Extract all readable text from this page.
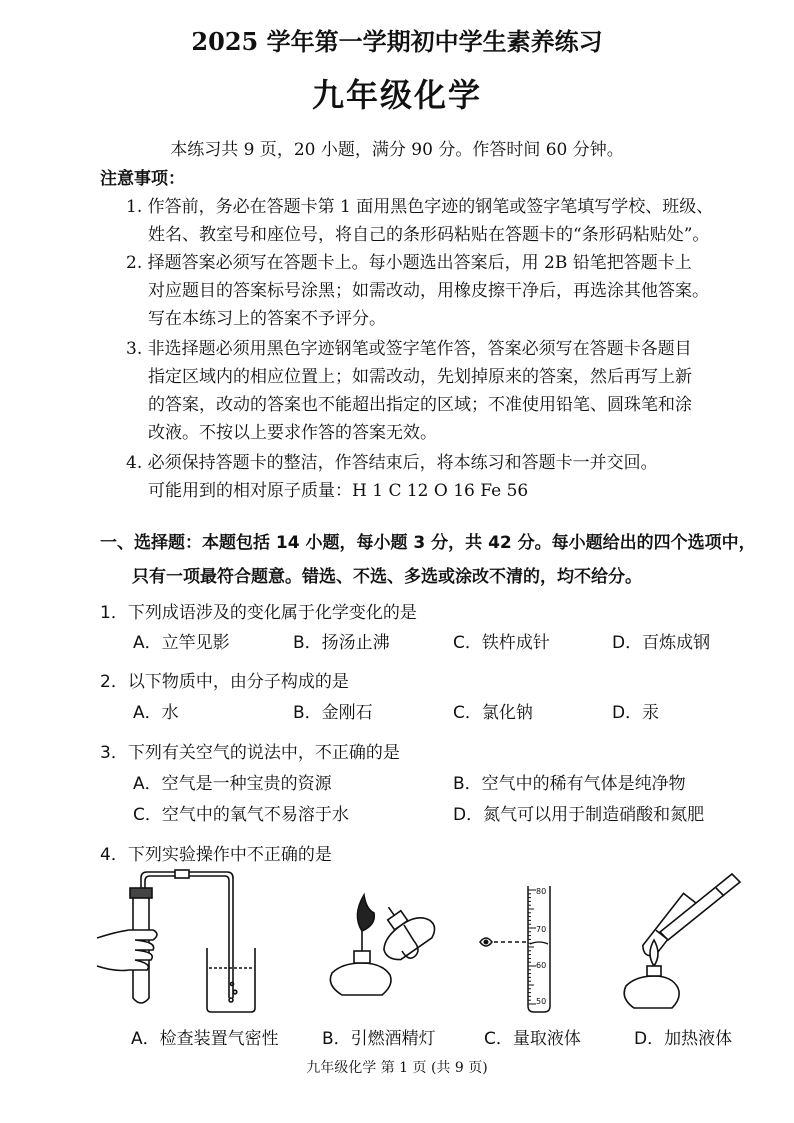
2025 学年第一学期初中学生素养练习
九年级化学
本练习共 9 页，20 小题，满分 90 分。作答时间 60 分钟。
注意事项：
1. 作答前，务必在答题卡第 1 面用黑色字迹的钢笔或签字笔填写学校、班级、
姓名、教室号和座位号，将自己的条形码粘贴在答题卡的“条形码粘贴处”。
2. 择题答案必须写在答题卡上。每小题选出答案后，用 2B 铅笔把答题卡上
对应题目的答案标号涂黑；如需改动，用橡皮擦干净后，再选涂其他答案。
写在本练习上的答案不予评分。
3. 非选择题必须用黑色字迹钢笔或签字笔作答，答案必须写在答题卡各题目
指定区域内的相应位置上；如需改动，先划掉原来的答案，然后再写上新
的答案，改动的答案也不能超出指定的区域；不准使用铅笔、圆珠笔和涂
改液。不按以上要求作答的答案无效。
4. 必须保持答题卡的整洁，作答结束后，将本练习和答题卡一并交回。
可能用到的相对原子质量：H 1 C 12 O 16 Fe 56
一、选择题：本题包括 14 小题，每小题 3 分，共 42 分。每小题给出的四个选项中，
只有一项最符合题意。错选、不选、多选或涂改不清的，均不给分。
1．下列成语涉及的变化属于化学变化的是
A．立竿见影	B．扬汤止沸	C．铁杵成针	D．百炼成钢
2．以下物质中，由分子构成的是
A．水	B．金刚石	C．氯化钠	D．汞
3．下列有关空气的说法中，不正确的是
A．空气是一种宝贵的资源	B．空气中的稀有气体是纯净物
C．空气中的氧气不易溶于水	D．氮气可以用于制造硝酸和氮肥
4．下列实验操作中不正确的是
80
70
60
50
A．检查装置气密性	B．引燃酒精灯	C．量取液体	D．加热液体
九年级化学 第 1 页 (共 9 页)
